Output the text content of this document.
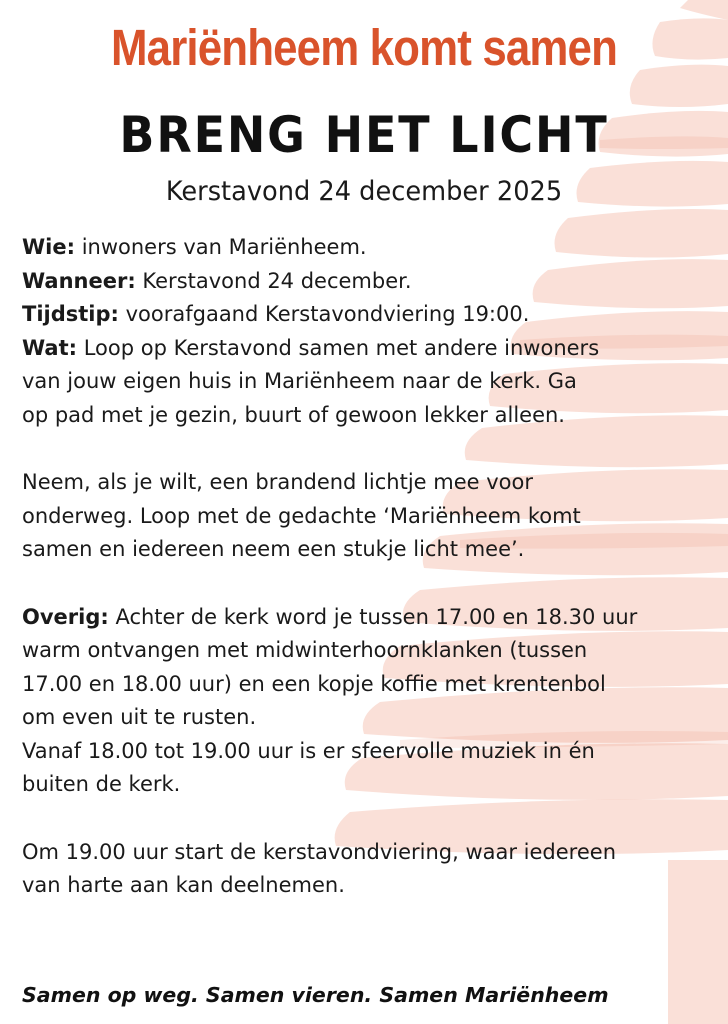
Mariënheem komt samen
BRENG HET LICHT
Kerstavond 24 december 2025

Wie: inwoners van Mariënheem.

Wanneer: Kerstavond 24 december.

Tijdstip: voorafgaand Kerstavondviering 19:00.

Wat: Loop op Kerstavond samen met andere inwoners

van jouw eigen huis in Mariënheem naar de kerk. Ga

op pad met je gezin, buurt of gewoon lekker alleen.

Neem, als je wilt, een brandend lichtje mee voor

onderweg. Loop met de gedachte ‘Mariënheem komt

samen en iedereen neem een stukje licht mee’.

Overig: Achter de kerk word je tussen 17.00 en 18.30 uur

warm ontvangen met midwinterhoornklanken (tussen

17.00 en 18.00 uur) en een kopje koffie met krentenbol

om even uit te rusten.

Vanaf 18.00 tot 19.00 uur is er sfeervolle muziek in én

buiten de kerk.

Om 19.00 uur start de kerstavondviering, waar iedereen

van harte aan kan deelnemen.

Samen op weg. Samen vieren. Samen Mariënheem
